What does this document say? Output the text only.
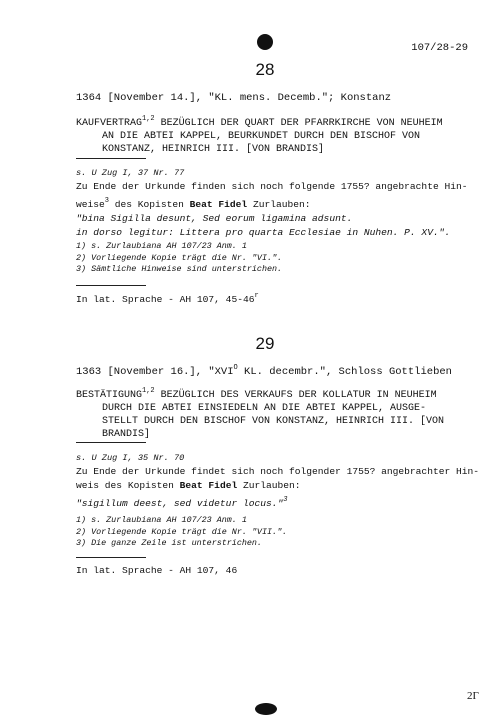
107/28-29
28
1364 [November 14.], "KL. mens. Decemb."; Konstanz
KAUFVERTRAG$^{1,2}$ BEZÜGLICH DER QUART DER PFARRKIRCHE VON NEUHEIM
AN DIE ABTEI KAPPEL, BEURKUNDET DURCH DEN BISCHOF VON
KONSTANZ, HEINRICH III. [VON BRANDIS]
s. U Zug I, 37 Nr. 77
Zu Ende der Urkunde finden sich noch folgende 1755? angebrachte Hin-
weise$^3$ des Kopisten Beat Fidel Zurlauben:
"bina Sigilla desunt, Sed eorum ligamina adsunt.
in dorso legitur: Littera pro quarta Ecclesiae in Nuhen. P. XV.".
1) s. Zurlaubiana AH 107/23 Anm. 1
2) Vorliegende Kopie trägt die Nr. "VI.".
3) Sämtliche Hinweise sind unterstrichen.
In lat. Sprache - AH 107, 45-46$^r$
29
1363 [November 16.], "$XVI^O$ KL. decembr.", Schloss Gottlieben
BESTÄTIGUNG$^{1,2}$ BEZÜGLICH DES VERKAUFS DER KOLLATUR IN NEUHEIM
DURCH DIE ABTEI EINSIEDELN AN DIE ABTEI KAPPEL, AUSGE-
STELLT DURCH DEN BISCHOF VON KONSTANZ, HEINRICH III. [VON
BRANDIS]
s. U Zug I, 35 Nr. 70
Zu Ende der Urkunde findet sich noch folgender 1755? angebrachter Hin-
weis des Kopisten Beat Fidel Zurlauben:
"sigillum deest, sed videtur locus."$^3$
1) s. Zurlaubiana AH 107/23 Anm. 1
2) Vorliegende Kopie trägt die Nr. "VII.".
3) Die ganze Zeile ist unterstrichen.
In lat. Sprache - AH 107, 46
2Γ
